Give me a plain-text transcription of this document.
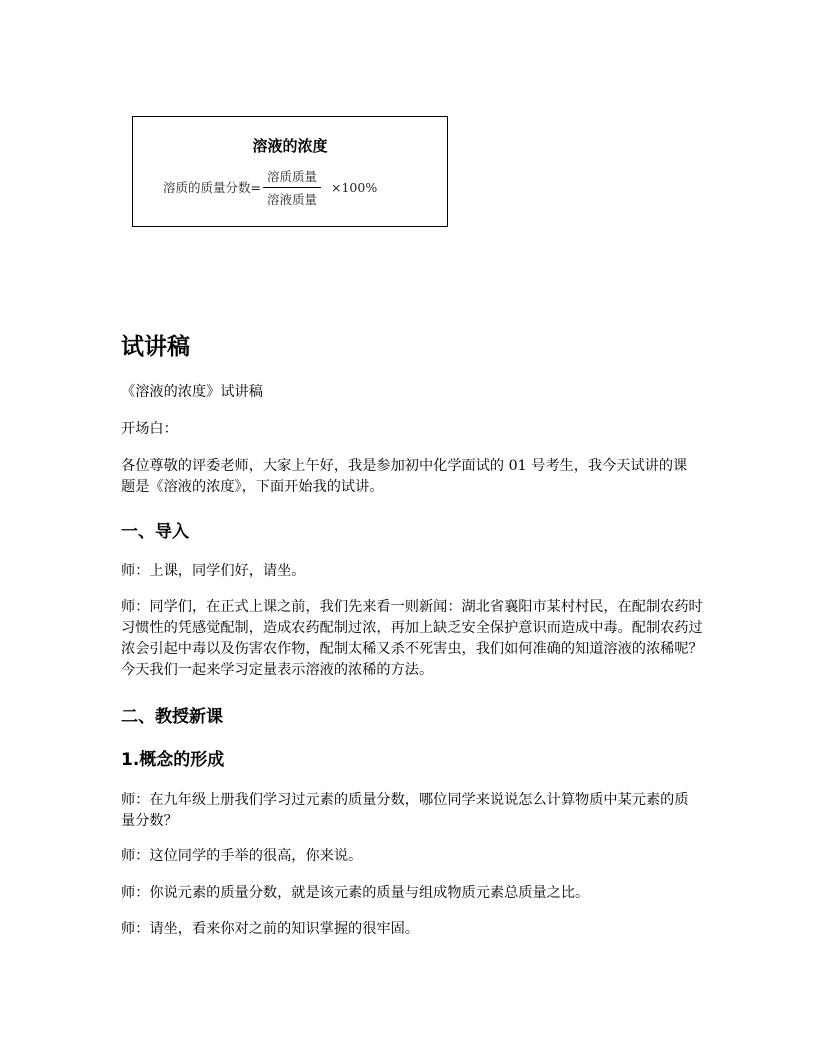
溶液的浓度
溶质的质量分数= $\frac{\text{溶质质量}}{\text{溶液质量}} \times 100\%$
试讲稿
《溶液的浓度》试讲稿
开场白：
各位尊敬的评委老师，大家上午好，我是参加初中化学面试的 01 号考生，我今天试讲的课题是《溶液的浓度》，下面开始我的试讲。
一、导入
师：上课，同学们好，请坐。
师：同学们，在正式上课之前，我们先来看一则新闻：湖北省襄阳市某村村民，在配制农药时习惯性的凭感觉配制，造成农药配制过浓，再加上缺乏安全保护意识而造成中毒。配制农药过浓会引起中毒以及伤害农作物，配制太稀又杀不死害虫，我们如何准确的知道溶液的浓稀呢？今天我们一起来学习定量表示溶液的浓稀的方法。
二、教授新课
1.概念的形成
师：在九年级上册我们学习过元素的质量分数，哪位同学来说说怎么计算物质中某元素的质量分数？
师：这位同学的手举的很高，你来说。
师：你说元素的质量分数，就是该元素的质量与组成物质元素总质量之比。
师：请坐，看来你对之前的知识掌握的很牢固。
